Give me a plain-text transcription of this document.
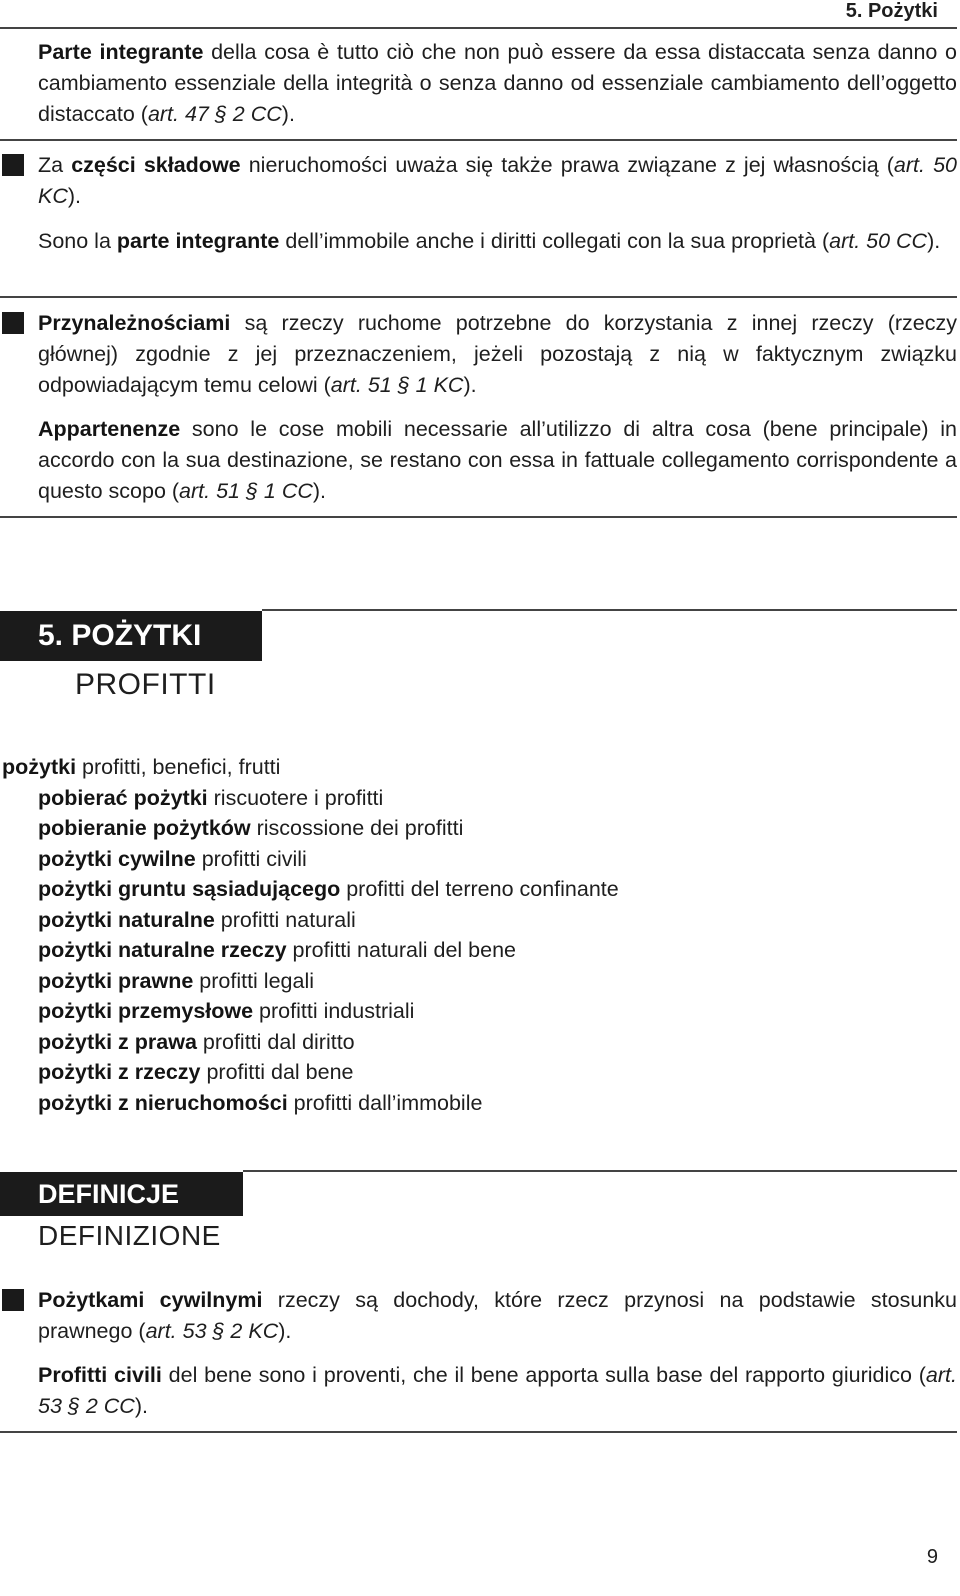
5. Pożytki
Parte integrante della cosa è tutto ciò che non può essere da essa distaccata senza danno o cambiamento essenziale della integrità o senza danno od essenziale cambiamento dell’oggetto distaccato (art. 47 § 2 CC).
Za części składowe nieruchomości uważa się także prawa związane z jej własnością (art. 50 KC).
Sono la parte integrante dell’immobile anche i diritti collegati con la sua proprietà (art. 50 CC).
Przynależnościami są rzeczy ruchome potrzebne do korzystania z innej rzeczy (rzeczy głównej) zgodnie z jej przeznaczeniem, jeżeli pozostają z nią w faktycznym związku odpowiadającym temu celowi (art. 51 § 1 KC).
Appartenenze sono le cose mobili necessarie all’utilizzo di altra cosa (bene principale) in accordo con la sua destinazione, se restano con essa in fattuale collegamento corrispondente a questo scopo (art. 51 § 1 CC).
5. POŻYTKI
PROFITTI
pożytki profitti, benefici, frutti
pobierać pożytki riscuotere i profitti
pobieranie pożytków riscossione dei profitti
pożytki cywilne profitti civili
pożytki gruntu sąsiadującego profitti del terreno confinante
pożytki naturalne profitti naturali
pożytki naturalne rzeczy profitti naturali del bene
pożytki prawne profitti legali
pożytki przemysłowe profitti industriali
pożytki z prawa profitti dal diritto
pożytki z rzeczy profitti dal bene
pożytki z nieruchomości profitti dall’immobile
DEFINICJE
DEFINIZIONE
Pożytkami cywilnymi rzeczy są dochody, które rzecz przynosi na podstawie stosunku prawnego (art. 53 § 2 KC).
Profitti civili del bene sono i proventi, che il bene apporta sulla base del rapporto giuridico (art. 53 § 2 CC).
9
